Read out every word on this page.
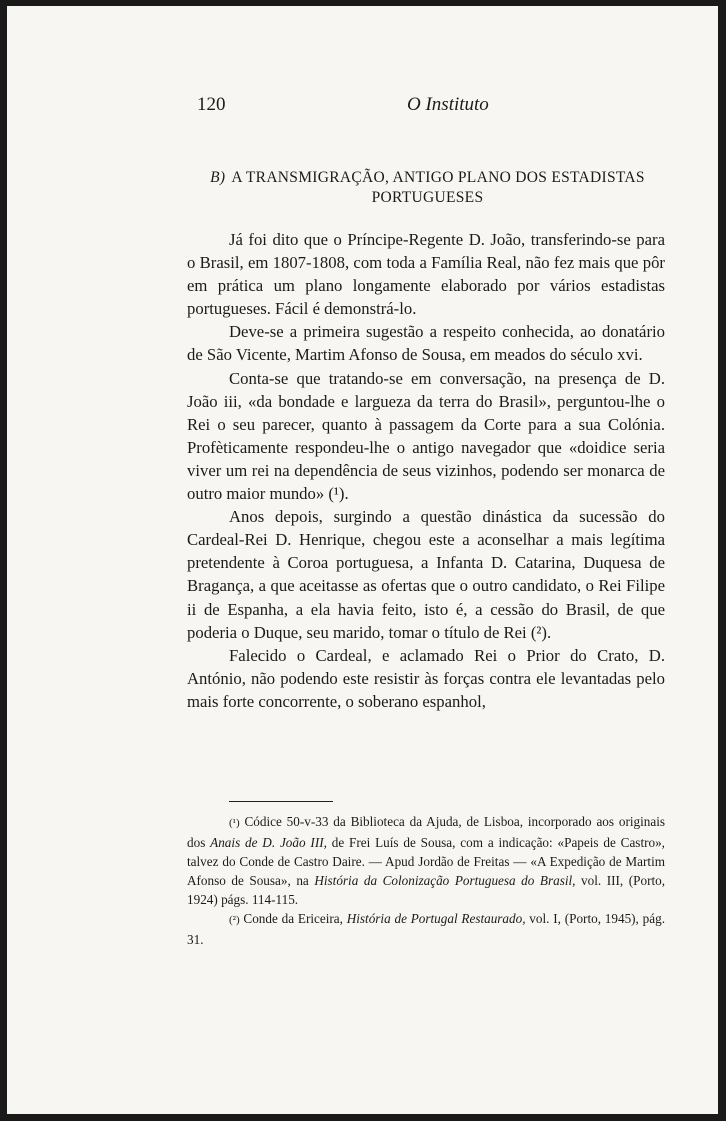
120	O Instituto
B) A TRANSMIGRAÇÃO, ANTIGO PLANO DOS ESTADISTAS PORTUGUESES

Já foi dito que o Príncipe-Regente D. João, transferindo-se para o Brasil, em 1807-1808, com toda a Família Real, não fez mais que pôr em prática um plano longamente elaborado por vários estadistas portugueses. Fácil é demonstrá-lo.

Deve-se a primeira sugestão a respeito conhecida, ao donatário de São Vicente, Martim Afonso de Sousa, em meados do século xvi.

Conta-se que tratando-se em conversação, na presença de D. João iii, «da bondade e largueza da terra do Brasil», perguntou-lhe o Rei o seu parecer, quanto à passagem da Corte para a sua Colónia. Profèticamente respondeu-lhe o antigo navegador que «doidice seria viver um rei na dependência de seus vizinhos, podendo ser monarca de outro maior mundo» (¹).

Anos depois, surgindo a questão dinástica da sucessão do Cardeal-Rei D. Henrique, chegou este a aconselhar a mais legítima pretendente à Coroa portuguesa, a Infanta D. Catarina, Duquesa de Bragança, a que aceitasse as ofertas que o outro candidato, o Rei Filipe ii de Espanha, a ela havia feito, isto é, a cessão do Brasil, de que poderia o Duque, seu marido, tomar o título de Rei (²).

Falecido o Cardeal, e aclamado Rei o Prior do Crato, D. António, não podendo este resistir às forças contra ele levantadas pelo mais forte concorrente, o soberano espanhol,

(¹) Códice 50-v-33 da Biblioteca da Ajuda, de Lisboa, incorporado aos originais dos Anais de D. João III, de Frei Luís de Sousa, com a indicação: «Papeis de Castro», talvez do Conde de Castro Daire. — Apud Jordão de Freitas — «A Expedição de Martim Afonso de Sousa», na História da Colonização Portuguesa do Brasil, vol. III, (Porto, 1924) págs. 114-115.

(²) Conde da Ericeira, História de Portugal Restaurado, vol. I, (Porto, 1945), pág. 31.
